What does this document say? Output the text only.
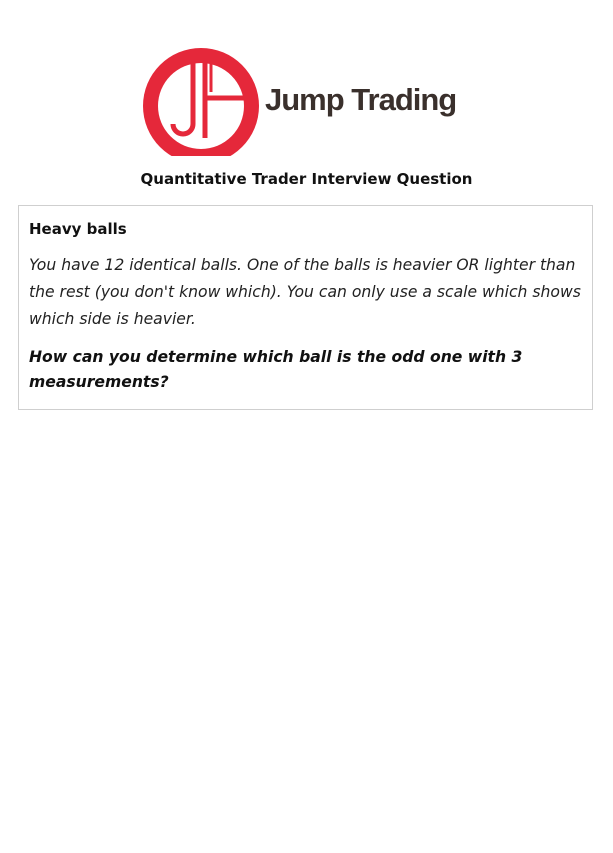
Jump Trading
Quantitative Trader Interview Question
Heavy balls
You have 12 identical balls. One of the balls is heavier OR lighter than the rest (you don't know which). You can only use a scale which shows which side is heavier.
How can you determine which ball is the odd one with 3 measurements?
